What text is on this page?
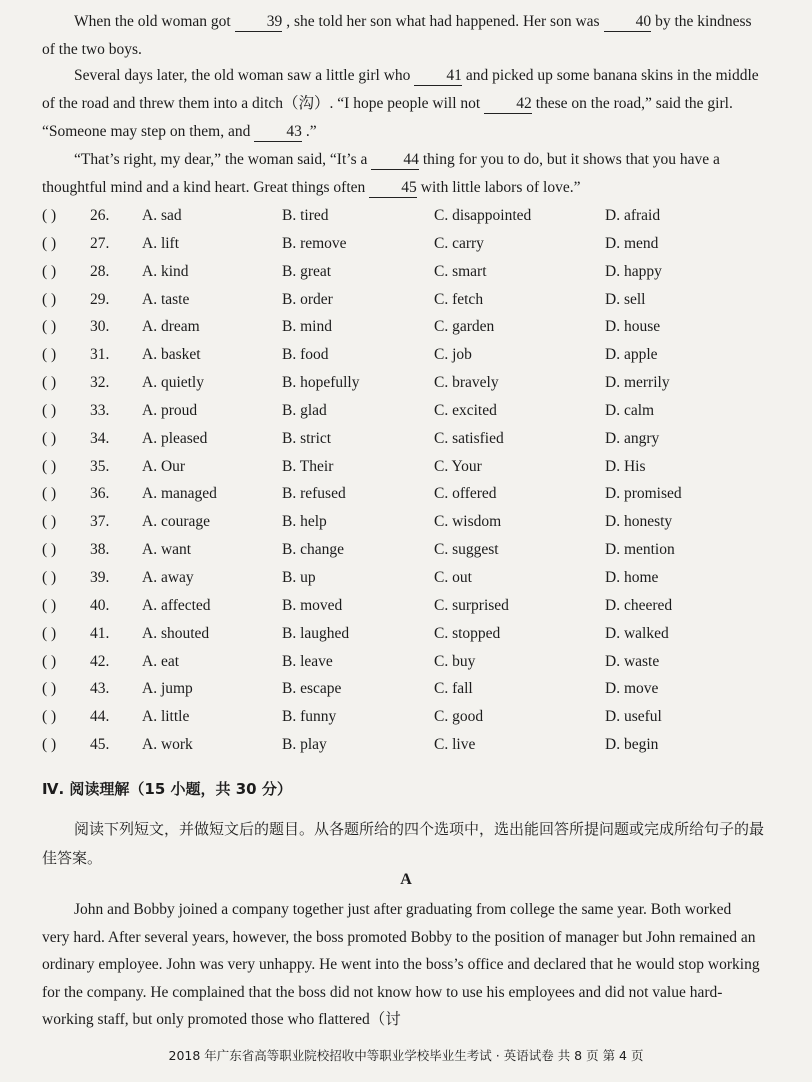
When the old woman got 39 , she told her son what had happened. Her son was 40 by the kindness of the two boys.

Several days later, the old woman saw a little girl who 41 and picked up some banana skins in the middle of the road and threw them into a ditch（沟）. “I hope people will not 42 these on the road,” said the girl. “Someone may step on them, and 43 .”

“That’s right, my dear,” the woman said, “It’s a 44 thing for you to do, but it shows that you have a thoughtful mind and a kind heart. Great things often 45 with little labors of love.”

( ) 26. A. sad	B. tired	C. disappointed	D. afraid
( ) 27. A. lift	B. remove	C. carry	D. mend
( ) 28. A. kind	B. great	C. smart	D. happy
( ) 29. A. taste	B. order	C. fetch	D. sell
( ) 30. A. dream	B. mind	C. garden	D. house
( ) 31. A. basket	B. food	C. job	D. apple
( ) 32. A. quietly	B. hopefully	C. bravely	D. merrily
( ) 33. A. proud	B. glad	C. excited	D. calm
( ) 34. A. pleased	B. strict	C. satisfied	D. angry
( ) 35. A. Our	B. Their	C. Your	D. His
( ) 36. A. managed	B. refused	C. offered	D. promised
( ) 37. A. courage	B. help	C. wisdom	D. honesty
( ) 38. A. want	B. change	C. suggest	D. mention
( ) 39. A. away	B. up	C. out	D. home
( ) 40. A. affected	B. moved	C. surprised	D. cheered
( ) 41. A. shouted	B. laughed	C. stopped	D. walked
( ) 42. A. eat	B. leave	C. buy	D. waste
( ) 43. A. jump	B. escape	C. fall	D. move
( ) 44. A. little	B. funny	C. good	D. useful
( ) 45. A. work	B. play	C. live	D. begin
Ⅳ. 阅读理解（15 小题，共 30 分）

阅读下列短文，并做短文后的题目。从各题所给的四个选项中，选出能回答所提问题或完成所给句子的最佳答案。

A

John and Bobby joined a company together just after graduating from college the same year. Both worked very hard. After several years, however, the boss promoted Bobby to the position of manager but John remained an ordinary employee. John was very unhappy. He went into the boss’s office and declared that he would stop working for the company. He complained that the boss did not know how to use his employees and did not value hard-working staff, but only promoted those who flattered（讨

2018 年广东省高等职业院校招收中等职业学校毕业生考试 · 英语试卷 共 8 页 第 4 页
